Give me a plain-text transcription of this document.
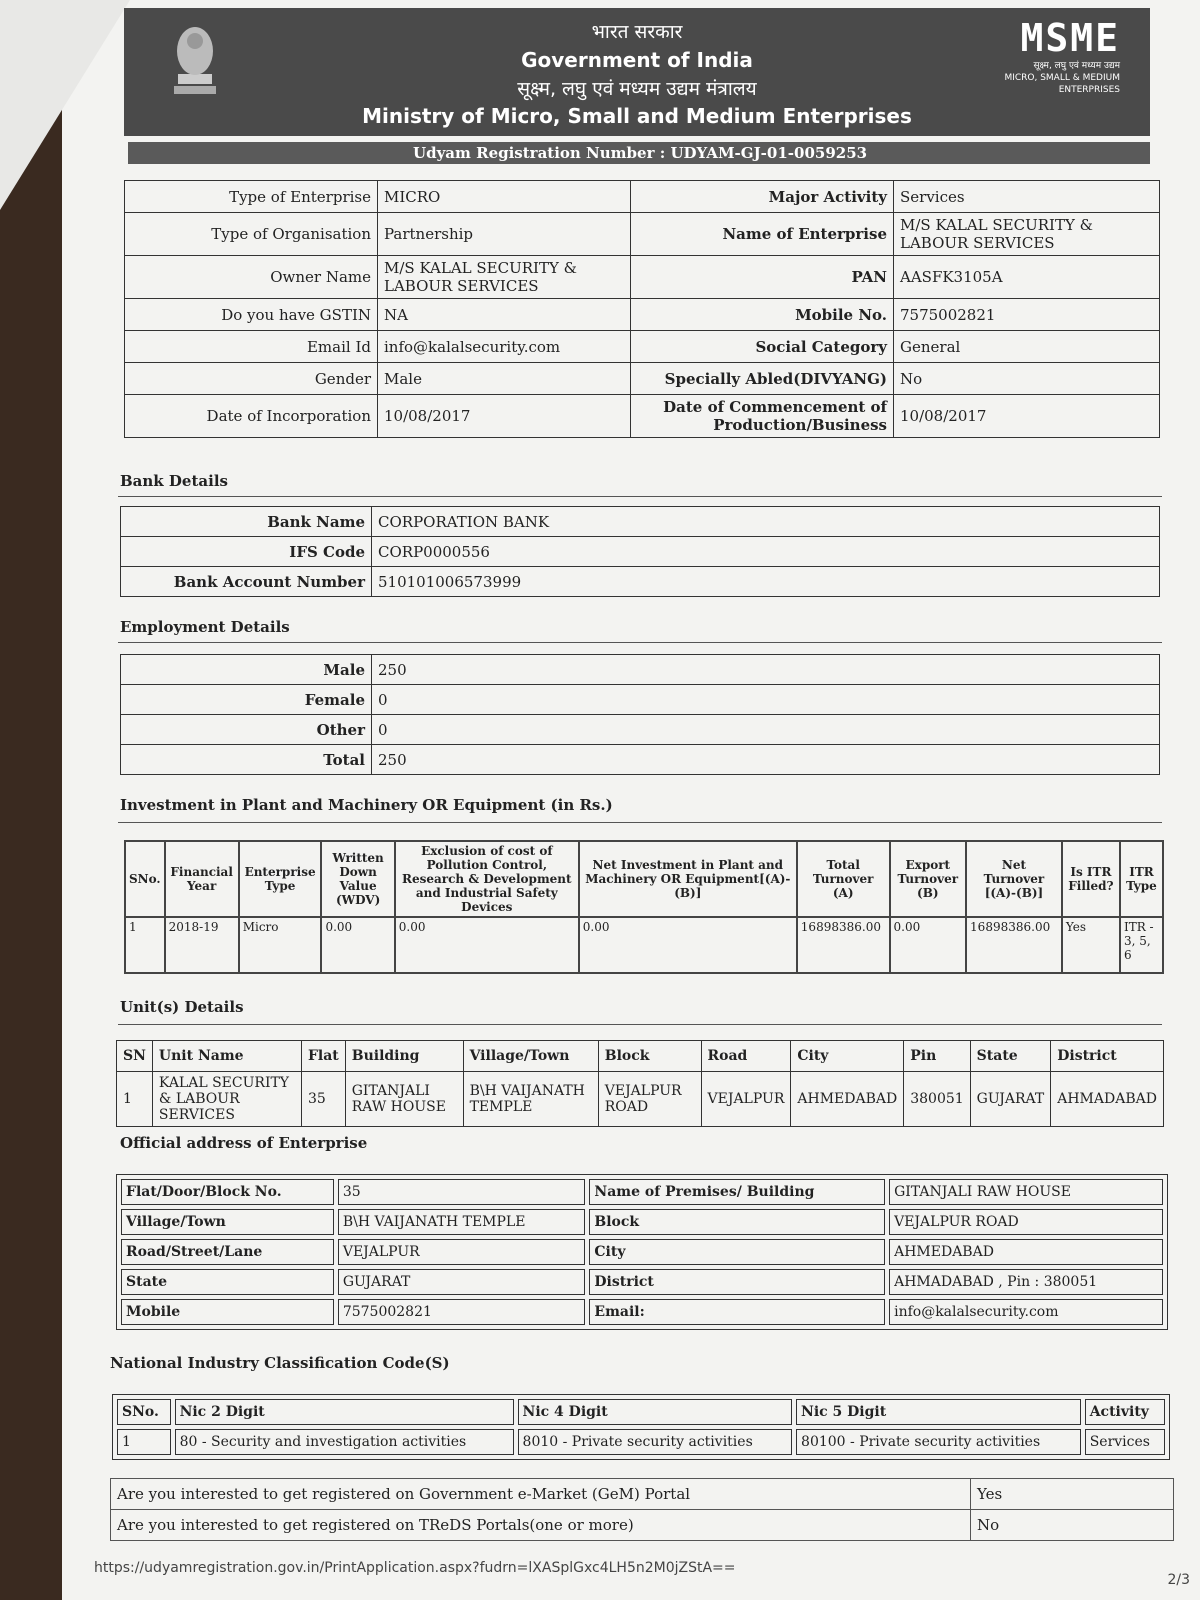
भारत सरकार
Government of India
सूक्ष्म, लघु एवं मध्यम उद्यम मंत्रालय
Ministry of Micro, Small and Medium Enterprises
MSME
सूक्ष्म, लघु एवं मध्यम उद्यम
MICRO, SMALL & MEDIUM ENTERPRISES
Udyam Registration Number : UDYAM-GJ-01-0059253
Type of Enterprise	MICRO	Major Activity	Services
Type of Organisation	Partnership	Name of Enterprise	M/S KALAL SECURITY & LABOUR SERVICES
Owner Name	M/S KALAL SECURITY & LABOUR SERVICES	PAN	AASFK3105A
Do you have GSTIN	NA	Mobile No.	7575002821
Email Id	info@kalalsecurity.com	Social Category	General
Gender	Male	Specially Abled(DIVYANG)	No
Date of Incorporation	10/08/2017	Date of Commencement of Production/Business	10/08/2017
Bank Details
Bank Name	CORPORATION BANK
IFS Code	CORP0000556
Bank Account Number	510101006573999
Employment Details
Male	250
Female	0
Other	0
Total	250
Investment in Plant and Machinery OR Equipment (in Rs.)
SNo.	Financial Year	Enterprise Type	Written Down Value (WDV)	Exclusion of cost of Pollution Control, Research & Development and Industrial Safety Devices	Net Investment in Plant and Machinery OR Equipment[(A)-(B)]	Total Turnover (A)	Export Turnover (B)	Net Turnover [(A)-(B)]	Is ITR Filled?	ITR Type
1	2018-19	Micro	0.00	0.00	0.00	16898386.00	0.00	16898386.00	Yes	ITR - 3, 5, 6
Unit(s) Details
SN	Unit Name	Flat	Building	Village/Town	Block	Road	City	Pin	State	District
1	KALAL SECURITY & LABOUR SERVICES	35	GITANJALI RAW HOUSE	B\H VAIJANATH TEMPLE	VEJALPUR ROAD	VEJALPUR	AHMEDABAD	380051	GUJARAT	AHMADABAD
Official address of Enterprise
Flat/Door/Block No.	35	Name of Premises/ Building	GITANJALI RAW HOUSE
Village/Town	B\H VAIJANATH TEMPLE	Block	VEJALPUR ROAD
Road/Street/Lane	VEJALPUR	City	AHMEDABAD
State	GUJARAT	District	AHMADABAD , Pin : 380051
Mobile	7575002821	Email:	info@kalalsecurity.com
National Industry Classification Code(S)
SNo.	Nic 2 Digit	Nic 4 Digit	Nic 5 Digit	Activity
1	80 - Security and investigation activities	8010 - Private security activities	80100 - Private security activities	Services
Are you interested to get registered on Government e-Market (GeM) Portal	Yes
Are you interested to get registered on TReDS Portals(one or more)	No
https://udyamregistration.gov.in/PrintApplication.aspx?fudrn=lXASplGxc4LH5n2M0jZStA==
2/3
